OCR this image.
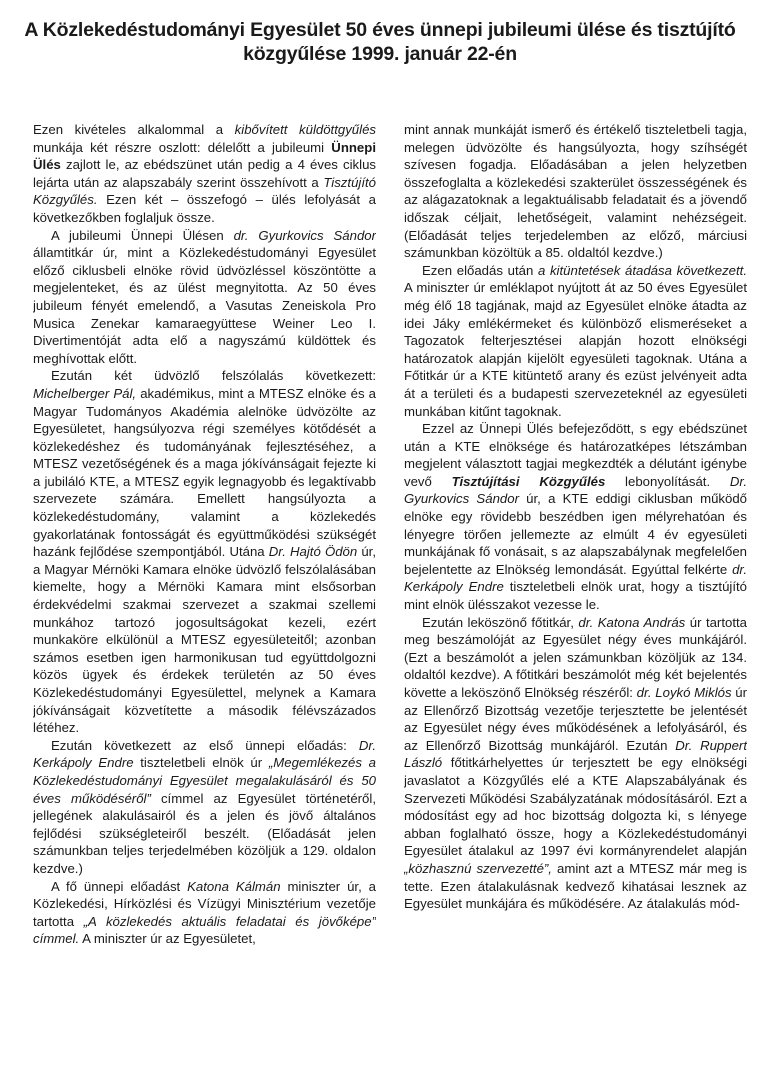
A Közlekedéstudományi Egyesület 50 éves ünnepi jubileumi ülése és tisztújító közgyűlése 1999. január 22-én

Ezen kivételes alkalommal a kibővített küldöttgyűlés munkája két részre oszlott: délelőtt a jubileumi Ünnepi Ülés zajlott le, az ebédszünet után pedig a 4 éves ciklus lejárta után az alapszabály szerint összehívott a Tisztújító Közgyűlés. Ezen két – összefogó – ülés lefolyását a következőkben foglaljuk össze.

A jubileumi Ünnepi Ülésen dr. Gyurkovics Sándor államtitkár úr, mint a Közlekedéstudományi Egyesület előző ciklusbeli elnöke rövid üdvözléssel köszöntötte a megjelenteket, és az ülést megnyitotta. Az 50 éves jubileum fényét emelendő, a Vasutas Zeneiskola Pro Musica Zenekar kamaraegyüttese Weiner Leo I. Divertimentóját adta elő a nagyszámú küldöttek és meghívottak előtt.

Ezután két üdvözlő felszólalás következett: Michelberger Pál, akadémikus, mint a MTESZ elnöke és a Magyar Tudományos Akadémia alelnöke üdvözölte az Egyesületet, hangsúlyozva régi személyes kötődését a közlekedéshez és tudományának fejlesztéséhez, a MTESZ vezetőségének és a maga jókívánságait fejezte ki a jubiláló KTE, a MTESZ egyik legnagyobb és legaktívabb szervezete számára. Emellett hangsúlyozta a közlekedéstudomány, valamint a közlekedés gyakorlatának fontosságát és együttműködési szükségét hazánk fejlődése szempontjából. Utána Dr. Hajtó Ödön úr, a Magyar Mérnöki Kamara elnöke üdvözlő felszólalásában kiemelte, hogy a Mérnöki Kamara mint elsősorban érdekvédelmi szakmai szervezet a szakmai szellemi munkához tartozó jogosultságokat kezeli, ezért munkaköre elkülönül a MTESZ egyesületeitől; azonban számos esetben igen harmonikusan tud együttdolgozni közös ügyek és érdekek területén az 50 éves Közlekedéstudományi Egyesülettel, melynek a Kamara jókívánságait közvetítette a második félévszázados létéhez.

Ezután következett az első ünnepi előadás: Dr. Kerkápoly Endre tiszteletbeli elnök úr „Megemlékezés a Közlekedéstudományi Egyesület megalakulásáról és 50 éves működéséről” címmel az Egyesület történetéről, jellegének alakulásairól és a jelen és jövő általános fejlődési szükségleteiről beszélt. (Előadását jelen számunkban teljes terjedelmében közöljük a 129. oldalon kezdve.)

A fő ünnepi előadást Katona Kálmán miniszter úr, a Közlekedési, Hírközlési és Vízügyi Minisztérium vezetője tartotta „A közlekedés aktuális feladatai és jövőképe” címmel. A miniszter úr az Egyesületet,

mint annak munkáját ismerő és értékelő tiszteletbeli tagja, melegen üdvözölte és hangsúlyozta, hogy szíhségét szívesen fogadja. Előadásában a jelen helyzetben összefoglalta a közlekedési szakterület összességének és az alágazatoknak a legaktuálisabb feladatait és a jövendő időszak céljait, lehetőségeit, valamint nehézségeit. (Előadását teljes terjedelemben az előző, márciusi számunkban közöltük a 85. oldaltól kezdve.)

Ezen előadás után a kitüntetések átadása következett. A miniszter úr emléklapot nyújtott át az 50 éves Egyesület még élő 18 tagjának, majd az Egyesület elnöke átadta az idei Jáky emlékérmeket és különböző elismeréseket a Tagozatok felterjesztései alapján hozott elnökségi határozatok alapján kijelölt egyesületi tagoknak. Utána a Főtitkár úr a KTE kitüntető arany és ezüst jelvényeit adta át a területi és a budapesti szervezeteknél az egyesületi munkában kitűnt tagoknak.

Ezzel az Ünnepi Ülés befejeződött, s egy ebédszünet után a KTE elnöksége és határozatképes létszámban megjelent választott tagjai megkezdték a délutánt igénybe vevő Tisztújítási Közgyűlés lebonyolítását. Dr. Gyurkovics Sándor úr, a KTE eddigi ciklusban működő elnöke egy rövidebb beszédben igen mélyrehatóan és lényegre törően jellemezte az elmúlt 4 év egyesületi munkájának fő vonásait, s az alapszabálynak megfelelően bejelentette az Elnökség lemondását. Egyúttal felkérte dr. Kerkápoly Endre tiszteletbeli elnök urat, hogy a tisztújító mint elnök ülésszakot vezesse le.

Ezután leköszönő főtitkár, dr. Katona András úr tartotta meg beszámolóját az Egyesület négy éves munkájáról. (Ezt a beszámolót a jelen számunkban közöljük az 134. oldaltól kezdve). A főtitkári beszámolót még két bejelentés követte a leköszönő Elnökség részéről: dr. Loykó Miklós úr az Ellenőrző Bizottság vezetője terjesztette be jelentését az Egyesület négy éves működésének a lefolyásáról, és az Ellenőrző Bizottság munkájáról. Ezután Dr. Ruppert László főtitkárhelyettes úr terjesztett be egy elnökségi javaslatot a Közgyűlés elé a KTE Alapszabályának és Szervezeti Működési Szabályzatának módosításáról. Ezt a módosítást egy ad hoc bizottság dolgozta ki, s lényege abban foglalható össze, hogy a Közlekedéstudományi Egyesület átalakul az 1997 évi kormányrendelet alapján „közhasznú szervezetté”, amint azt a MTESZ már meg is tette. Ezen átalakulásnak kedvező kihatásai lesznek az Egyesület munkájára és működésére. Az átalakulás mód-
